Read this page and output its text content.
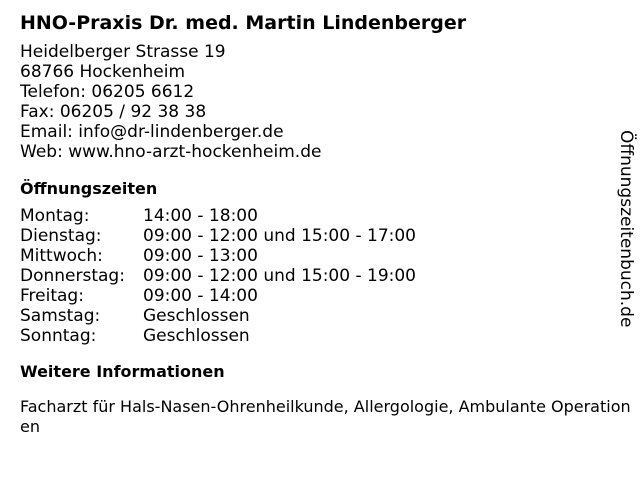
HNO-Praxis Dr. med. Martin Lindenberger
Heidelberger Strasse 19
68766 Hockenheim
Telefon: 06205 6612
Fax: 06205 / 92 38 38
Email: info@dr-lindenberger.de
Web: www.hno-arzt-hockenheim.de
Öffnungszeiten
Montag:	14:00 - 18:00
Dienstag:	09:00 - 12:00 und 15:00 - 17:00
Mittwoch:	09:00 - 13:00
Donnerstag:	09:00 - 12:00 und 15:00 - 19:00
Freitag:	09:00 - 14:00
Samstag:	Geschlossen
Sonntag:	Geschlossen
Weitere Informationen
Facharzt für Hals-Nasen-Ohrenheilkunde, Allergologie, Ambulante Operationen
Öffnungszeitenbuch.de
